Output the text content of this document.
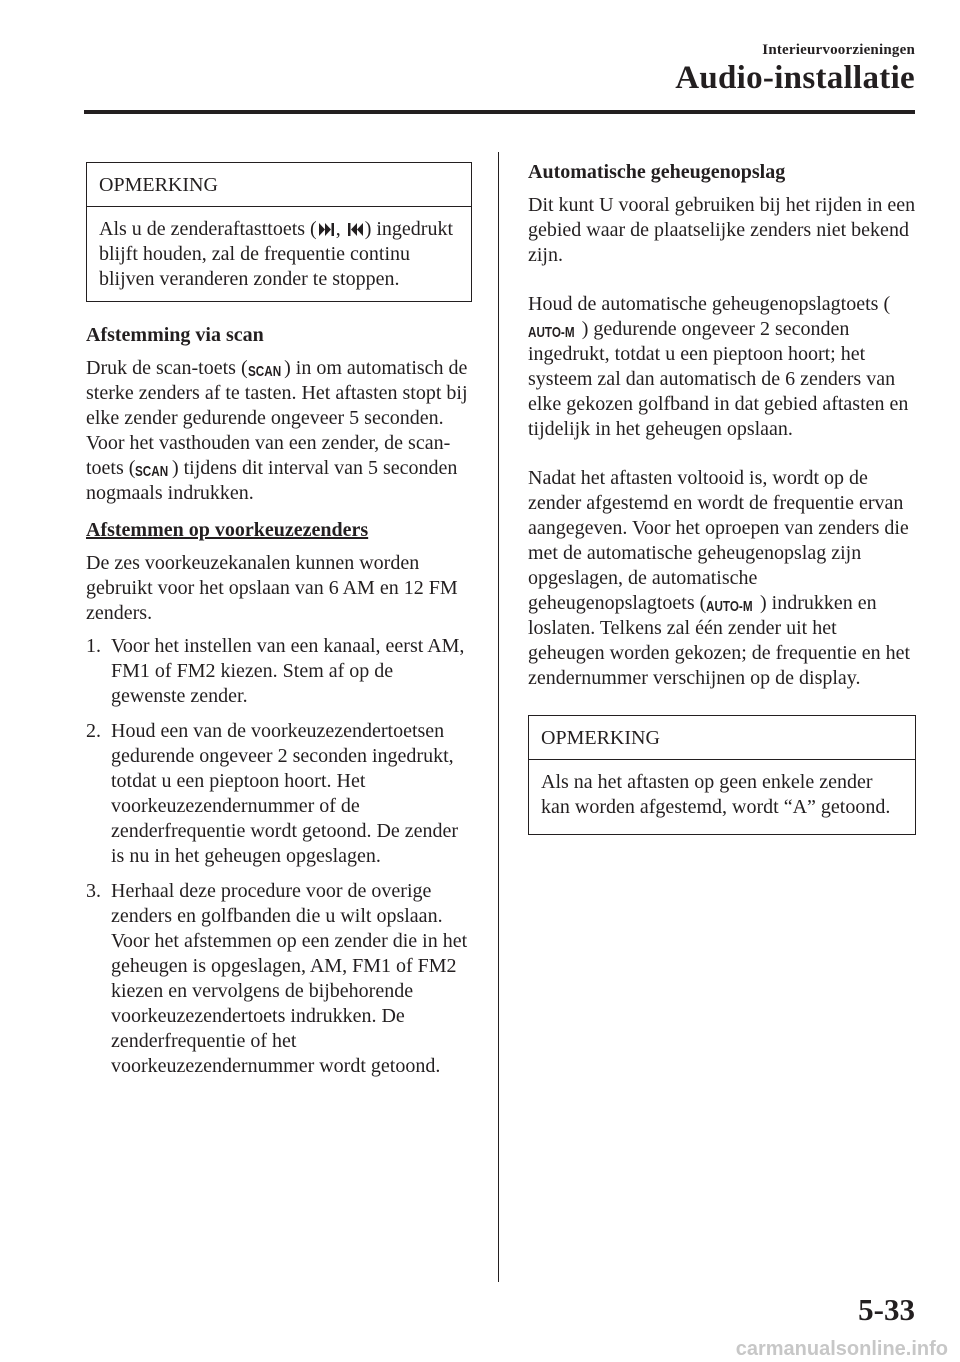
Interieurvoorzieningen
Audio-installatie
OPMERKING
Als u de zenderaftasttoets ( , ) ingedrukt blijft houden, zal de frequentie continu blijven veranderen zonder te stoppen.

Afstemming via scan

Druk de scan-toets (SCAN ) in om automatisch de sterke zenders af te tasten. Het aftasten stopt bij elke zender gedurende ongeveer 5 seconden. Voor het vasthouden van een zender, de scan-toets (SCAN ) tijdens dit interval van 5 seconden nogmaals indrukken.

Afstemmen op voorkeuzezenders

De zes voorkeuzekanalen kunnen worden gebruikt voor het opslaan van 6 AM en 12 FM zenders.

1. Voor het instellen van een kanaal, eerst AM, FM1 of FM2 kiezen. Stem af op de gewenste zender.
2. Houd een van de voorkeuzezendertoetsen gedurende ongeveer 2 seconden ingedrukt, totdat u een pieptoon hoort. Het voorkeuzezendernummer of de zenderfrequentie wordt getoond. De zender is nu in het geheugen opgeslagen.
3. Herhaal deze procedure voor de overige zenders en golfbanden die u wilt opslaan. Voor het afstemmen op een zender die in het geheugen is opgeslagen, AM, FM1 of FM2 kiezen en vervolgens de bijbehorende voorkeuzezendertoets indrukken. De zenderfrequentie of het voorkeuzezendernummer wordt getoond.

Automatische geheugenopslag

Dit kunt U vooral gebruiken bij het rijden in een gebied waar de plaatselijke zenders niet bekend zijn.

Houd de automatische geheugenopslagtoets (AUTO-M ) gedurende ongeveer 2 seconden ingedrukt, totdat u een pieptoon hoort; het systeem zal dan automatisch de 6 zenders van elke gekozen golfband in dat gebied aftasten en tijdelijk in het geheugen opslaan.

Nadat het aftasten voltooid is, wordt op de zender afgestemd en wordt de frequentie ervan aangegeven. Voor het oproepen van zenders die met de automatische geheugenopslag zijn opgeslagen, de automatische geheugenopslagtoets (AUTO-M ) indrukken en loslaten. Telkens zal één zender uit het geheugen worden gekozen; de frequentie en het zendernummer verschijnen op de display.

OPMERKING
Als na het aftasten op geen enkele zender kan worden afgestemd, wordt “A” getoond.
5-33
carmanualsonline.info
